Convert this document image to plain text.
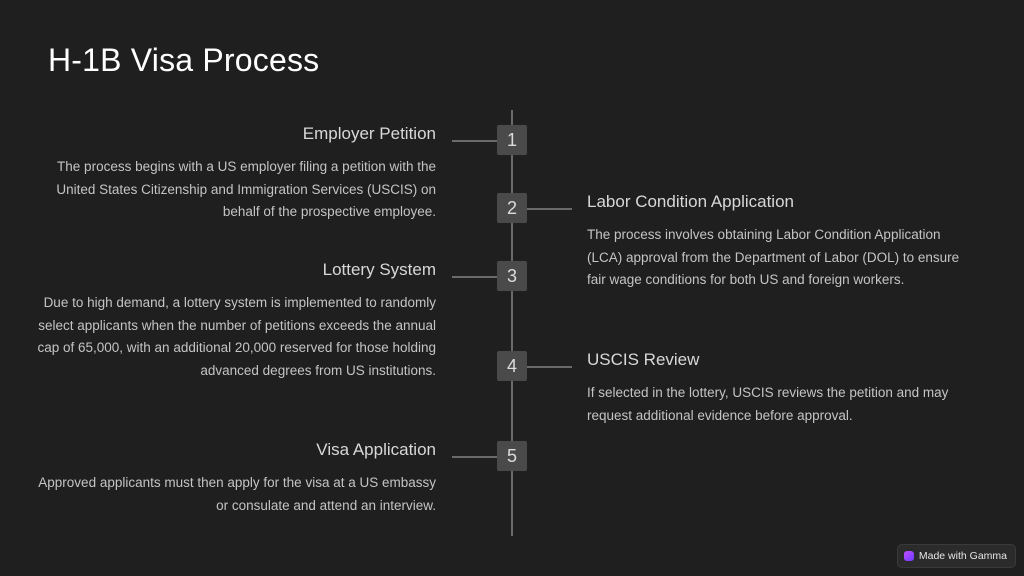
H-1B Visa Process
1

Employer Petition

The process begins with a US employer filing a petition with the United States Citizenship and Immigration Services (USCIS) on behalf of the prospective employee.	2	Labor Condition Application

The process involves obtaining Labor Condition Application (LCA) approval from the Department of Labor (DOL) to ensure fair wage conditions for both US and foreign workers.

3

Lottery System

Due to high demand, a lottery system is implemented to randomly select applicants when the number of petitions exceeds the annual cap of 65,000, with an additional 20,000 reserved for those holding advanced degrees from US institutions.	4	USCIS Review

If selected in the lottery, USCIS reviews the petition and may request additional evidence before approval.

5

Visa Application

Approved applicants must then apply for the visa at a US embassy or consulate and attend an interview.

Made with Gamma
